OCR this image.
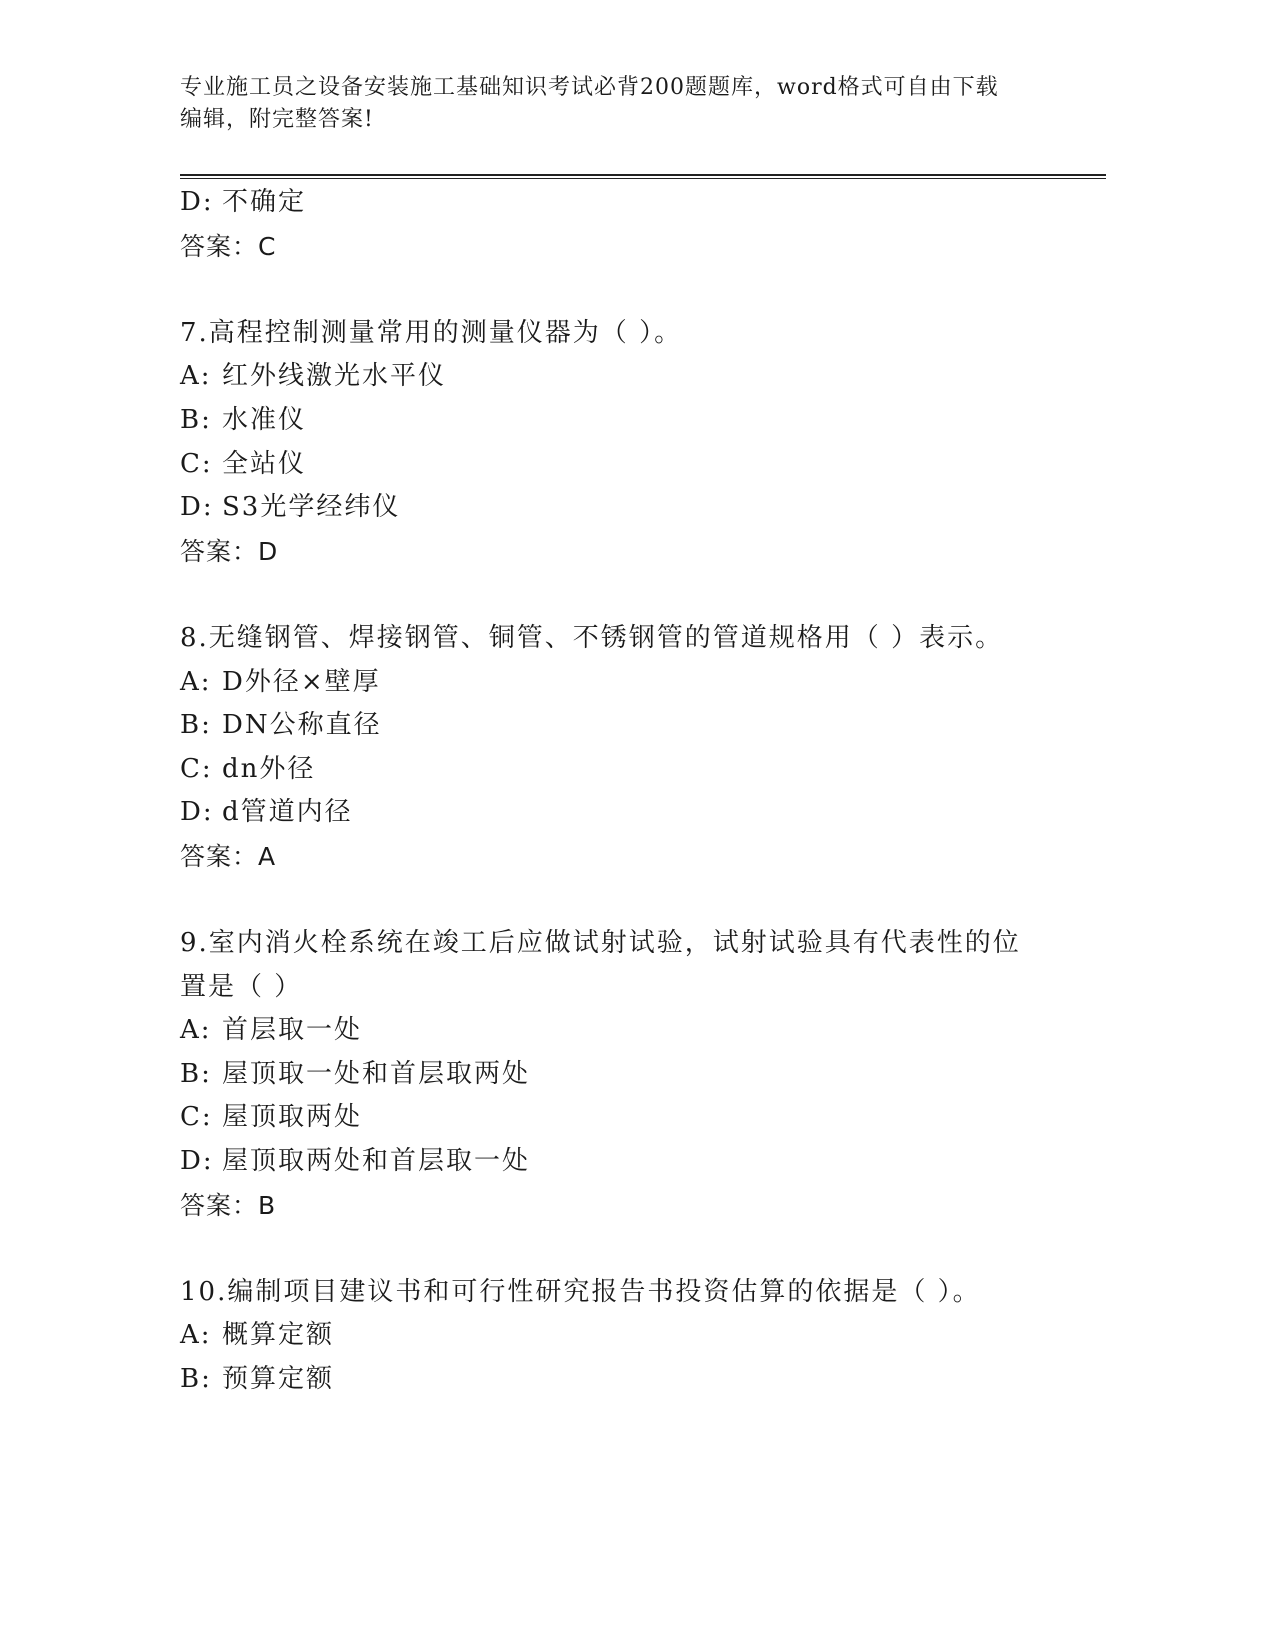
专业施工员之设备安装施工基础知识考试必背200题题库，word格式可自由下载
编辑，附完整答案!
D: 不确定
答案：C
7.高程控制测量常用的测量仪器为（ ）。
A: 红外线激光水平仪
B: 水准仪
C: 全站仪
D: S3光学经纬仪
答案：D
8.无缝钢管、焊接钢管、铜管、不锈钢管的管道规格用（ ）表示。
A: D外径×壁厚
B: DN公称直径
C: dn外径
D: d管道内径
答案：A
9.室内消火栓系统在竣工后应做试射试验，试射试验具有代表性的位
置是（ ）
A: 首层取一处
B: 屋顶取一处和首层取两处
C: 屋顶取两处
D: 屋顶取两处和首层取一处
答案：B
10.编制项目建议书和可行性研究报告书投资估算的依据是（ ）。
A: 概算定额
B: 预算定额
